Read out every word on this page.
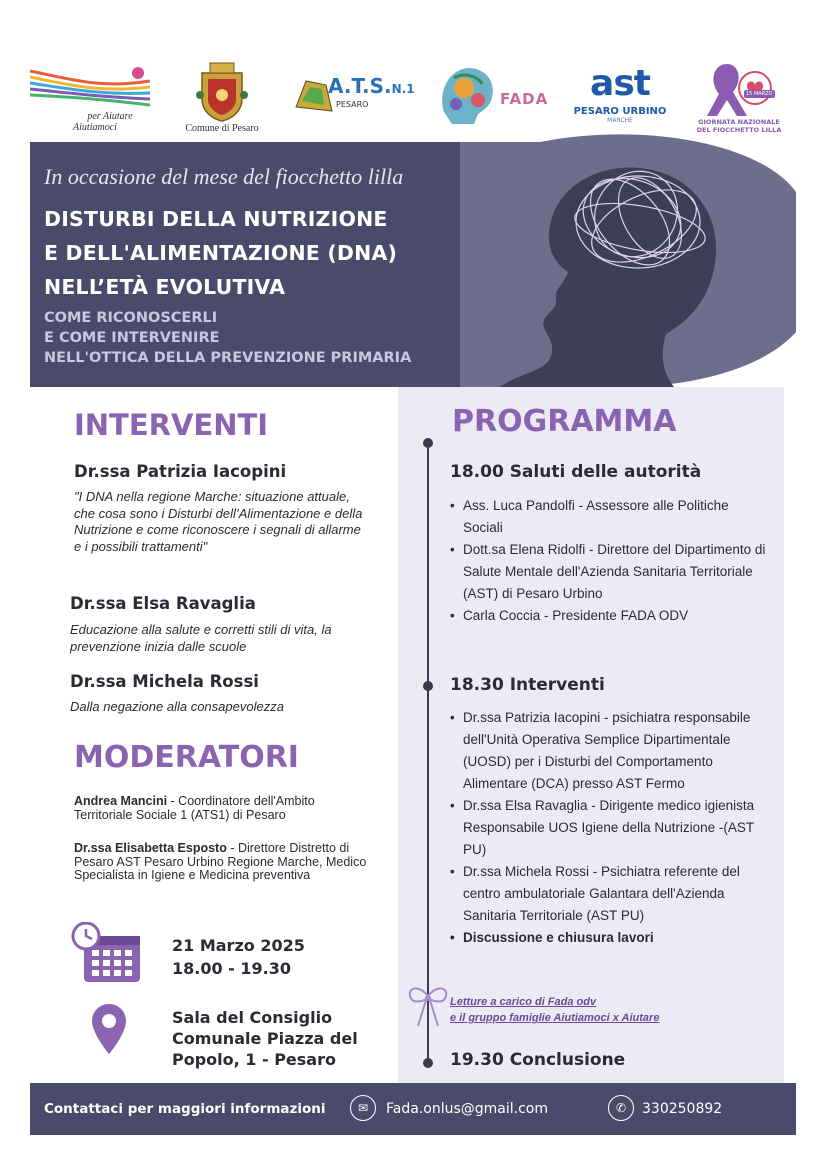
per Aiutare
Aiutiamoci	Comune di Pesaro
A.T.S.N.1
PESARO	FADA ast
PESARO URBINO
MARCHE
15 MARZO
GIORNATA NAZIONALE
DEL FIOCCHETTO LILLA
In occasione del mese del fiocchetto lilla
DISTURBI DELLA NUTRIZIONE
E DELL'ALIMENTAZIONE (DNA)
NELL’ETÀ EVOLUTIVA
COME RICONOSCERLI
E COME INTERVENIRE
NELL'OTTICA DELLA PREVENZIONE PRIMARIA
INTERVENTI
Dr.ssa Patrizia Iacopini
"I DNA nella regione Marche: situazione attuale, che cosa sono i Disturbi dell’Alimentazione e della Nutrizione e come riconoscere i segnali di allarme e i possibili trattamenti"
Dr.ssa Elsa Ravaglia
Educazione alla salute e corretti stili di vita, la prevenzione inizia dalle scuole
Dr.ssa Michela Rossi
Dalla negazione alla consapevolezza
MODERATORI
Andrea Mancini - Coordinatore dell'Ambito Territoriale Sociale 1 (ATS1) di Pesaro
Dr.ssa Elisabetta Esposto - Direttore Distretto di Pesaro AST Pesaro Urbino Regione Marche, Medico Specialista in Igiene e Medicina preventiva
21 Marzo 2025
18.00 - 19.30
Sala del Consiglio
Comunale Piazza del
Popolo, 1 - Pesaro
PROGRAMMA
18.00 Saluti delle autorità
• Ass. Luca Pandolfi - Assessore alle Politiche Sociali
• Dott.sa Elena Ridolfi - Direttore del Dipartimento di Salute Mentale dell'Azienda Sanitaria Territoriale (AST) di Pesaro Urbino
• Carla Coccia - Presidente FADA ODV
18.30 Interventi
• Dr.ssa Patrizia Iacopini - psichiatra responsabile dell'Unità Operativa Semplice Dipartimentale (UOSD) per i Disturbi del Comportamento Alimentare (DCA) presso AST Fermo
• Dr.ssa Elsa Ravaglia - Dirigente medico igienista Responsabile UOS Igiene della Nutrizione -(AST PU)
• Dr.ssa Michela Rossi - Psichiatra referente del centro ambulatoriale Galantara dell'Azienda Sanitaria Territoriale (AST PU)
• Discussione e chiusura lavori
Letture a carico di Fada odv
e il gruppo famiglie Aiutiamoci x Aiutare
19.30 Conclusione
Contattaci per maggiori informazioni	✉	Fada.onlus@gmail.com	✆	330250892
